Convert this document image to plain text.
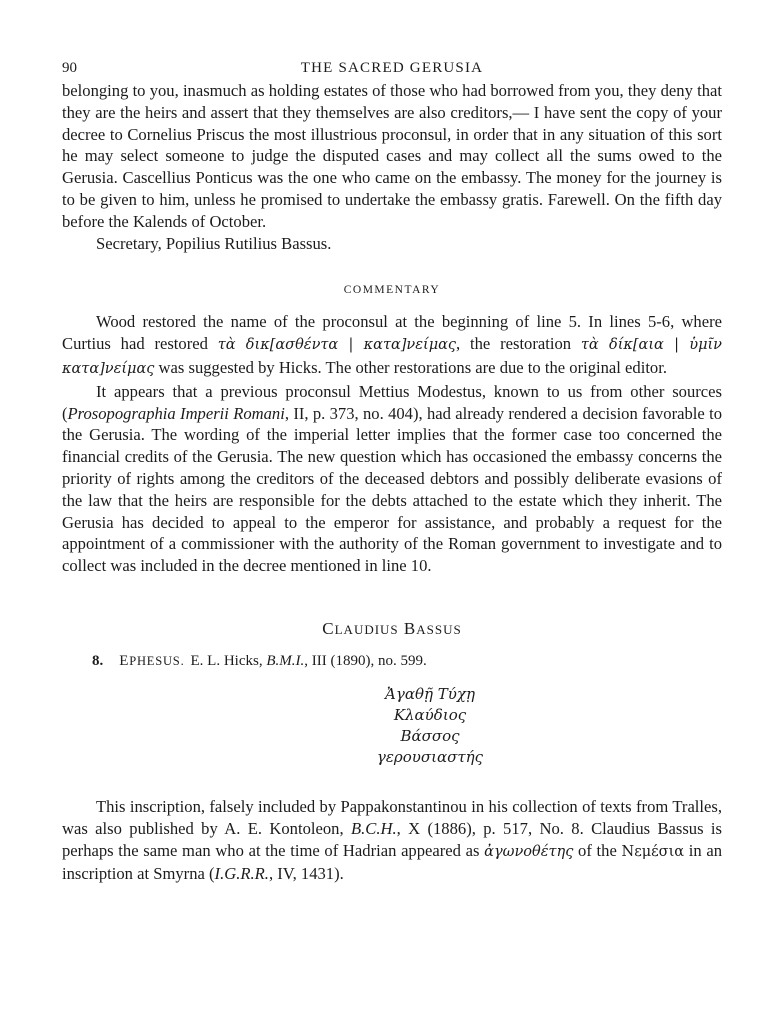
90	THE SACRED GERUSIA

belonging to you, inasmuch as holding estates of those who had borrowed from you, they deny that they are the heirs and assert that they themselves are also creditors,— I have sent the copy of your decree to Cornelius Priscus the most illustrious proconsul, in order that in any situation of this sort he may select someone to judge the disputed cases and may collect all the sums owed to the Gerusia. Cascellius Ponticus was the one who came on the embassy. The money for the journey is to be given to him, unless he promised to undertake the embassy gratis. Farewell. On the fifth day before the Kalends of October.

Secretary, Popilius Rutilius Bassus.

COMMENTARY

Wood restored the name of the proconsul at the beginning of line 5. In lines 5-6, where Curtius had restored τὰ δικ[ασθέντα | κατα]νείμας, the restoration τὰ δίκ[αια | ὑμῖν κατα]νείμας was suggested by Hicks. The other restorations are due to the original editor.

It appears that a previous proconsul Mettius Modestus, known to us from other sources (Prosopographia Imperii Romani, II, p. 373, no. 404), had already rendered a decision favorable to the Gerusia. The wording of the imperial letter implies that the former case too concerned the financial credits of the Gerusia. The new question which has occasioned the embassy concerns the priority of rights among the creditors of the deceased debtors and possibly deliberate evasions of the law that the heirs are responsible for the debts attached to the estate which they inherit. The Gerusia has decided to appeal to the emperor for assistance, and probably a request for the appointment of a commissioner with the authority of the Roman government to investigate and to collect was included in the decree mentioned in line 10.

CLAUDIUS BASSUS
8. EPHESUS. E. L. Hicks, B.M.I., III (1890), no. 599.
Ἀγαθῇ Τύχῃ
Κλαύδιος
Βάσσος
γερουσιαστής

This inscription, falsely included by Pappakonstantinou in his collection of texts from Tralles, was also published by A. E. Kontoleon, B.C.H., X (1886), p. 517, No. 8. Claudius Bassus is perhaps the same man who at the time of Hadrian appeared as ἀγωνοθέτης of the Νεμέσια in an inscription at Smyrna (I.G.R.R., IV, 1431).
